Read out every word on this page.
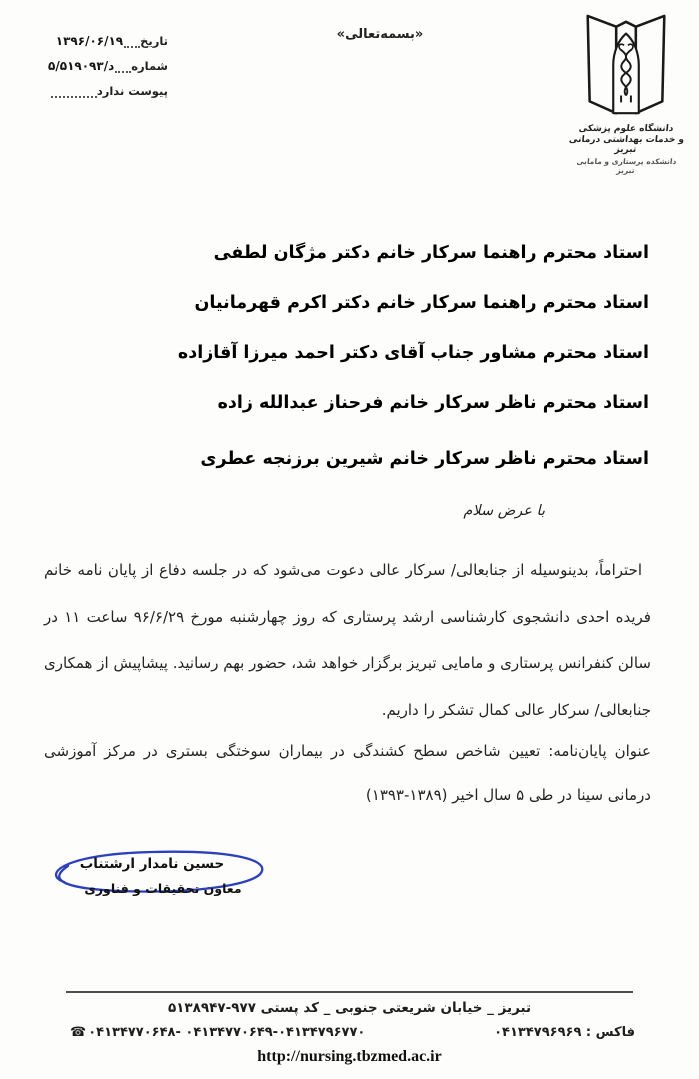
تاریخ
۱۳۹۶/۰۶/۱۹
شماره
۵/د/۵۱۹۰۹۳
پیوست
ندارد
«بسمه‌تعالی»
دانشگاه علوم پزشکی
و خدمات بهداشتی درمانی تبریز
دانشکده پرستاری و مامایی تبریز
استاد محترم راهنما سرکار خانم دکتر مژگان لطفی
استاد محترم راهنما سرکار خانم دکتر اکرم قهرمانیان
استاد محترم مشاور جناب آقای دکتر احمد میرزا آقازاده
استاد محترم ناظر سرکار خانم فرحناز عبدالله زاده
استاد محترم ناظر سرکار خانم شیرین برزنجه عطری
با عرض سلام

احتراماً، بدینوسیله از جنابعالی/ سرکار عالی دعوت می‌شود که در جلسه دفاع از پایان نامه خانم فریده احدی دانشجوی کارشناسی ارشد پرستاری که روز چهارشنبه مورخ ۹۶/۶/۲۹ ساعت ۱۱ در سالن کنفرانس پرستاری و مامایی تبریز برگزار خواهد شد، حضور بهم رسانید. پیشاپیش از همکاری جنابعالی/ سرکار عالی کمال تشکر را داریم.

عنوان پایان‌نامه: تعیین شاخص سطح کشندگی در بیماران سوختگی بستری در مرکز آموزشی درمانی سینا در طی ۵ سال اخیر (۱۳۸۹-۱۳۹۳)

حسین نامدار ارشتناب
معاون تحقیقات و فناوری
تبریز _ خیابان شریعتی جنوبی _ کد پستی ۵۱۳۸۹۴۷-۹۷۷
☎ ۰۴۱۳۴۷۷۰۶۴۸- ۰۴۱۳۴۷۷۰۶۴۹-۰۴۱۳۴۷۹۶۷۷۰	فاکس : ۰۴۱۳۴۷۹۶۹۶۹
http://nursing.tbzmed.ac.ir
